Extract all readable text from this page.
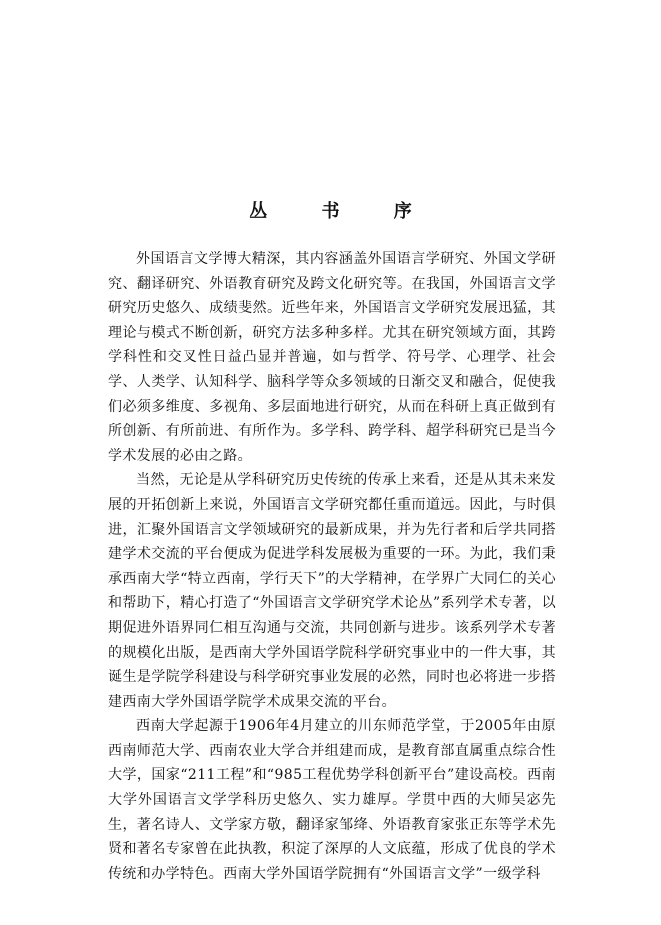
丛 书 序

外国语言文学博大精深，其内容涵盖外国语言学研究、外国文学研究、翻译研究、外语教育研究及跨文化研究等。在我国，外国语言文学研究历史悠久、成绩斐然。近些年来，外国语言文学研究发展迅猛，其理论与模式不断创新，研究方法多种多样。尤其在研究领域方面，其跨学科性和交叉性日益凸显并普遍，如与哲学、符号学、心理学、社会学、人类学、认知科学、脑科学等众多领域的日渐交叉和融合，促使我们必须多维度、多视角、多层面地进行研究，从而在科研上真正做到有所创新、有所前进、有所作为。多学科、跨学科、超学科研究已是当今学术发展的必由之路。

当然，无论是从学科研究历史传统的传承上来看，还是从其未来发展的开拓创新上来说，外国语言文学研究都任重而道远。因此，与时俱进，汇聚外国语言文学领域研究的最新成果，并为先行者和后学共同搭建学术交流的平台便成为促进学科发展极为重要的一环。为此，我们秉承西南大学“特立西南，学行天下”的大学精神，在学界广大同仁的关心和帮助下，精心打造了“外国语言文学研究学术论丛”系列学术专著，以期促进外语界同仁相互沟通与交流，共同创新与进步。该系列学术专著的规模化出版，是西南大学外国语学院科学研究事业中的一件大事，其诞生是学院学科建设与科学研究事业发展的必然，同时也必将进一步搭建西南大学外国语学院学术成果交流的平台。

西南大学起源于1906年4月建立的川东师范学堂，于2005年由原西南师范大学、西南农业大学合并组建而成，是教育部直属重点综合性大学，国家“211工程”和“985工程优势学科创新平台”建设高校。西南大学外国语言文学学科历史悠久、实力雄厚。学贯中西的大师吴宓先生，著名诗人、文学家方敬，翻译家邹绛、外语教育家张正东等学术先贤和著名专家曾在此执教，积淀了深厚的人文底蕴，形成了优良的学术传统和办学特色。西南大学外国语学院拥有“外国语言文学”一级学科
